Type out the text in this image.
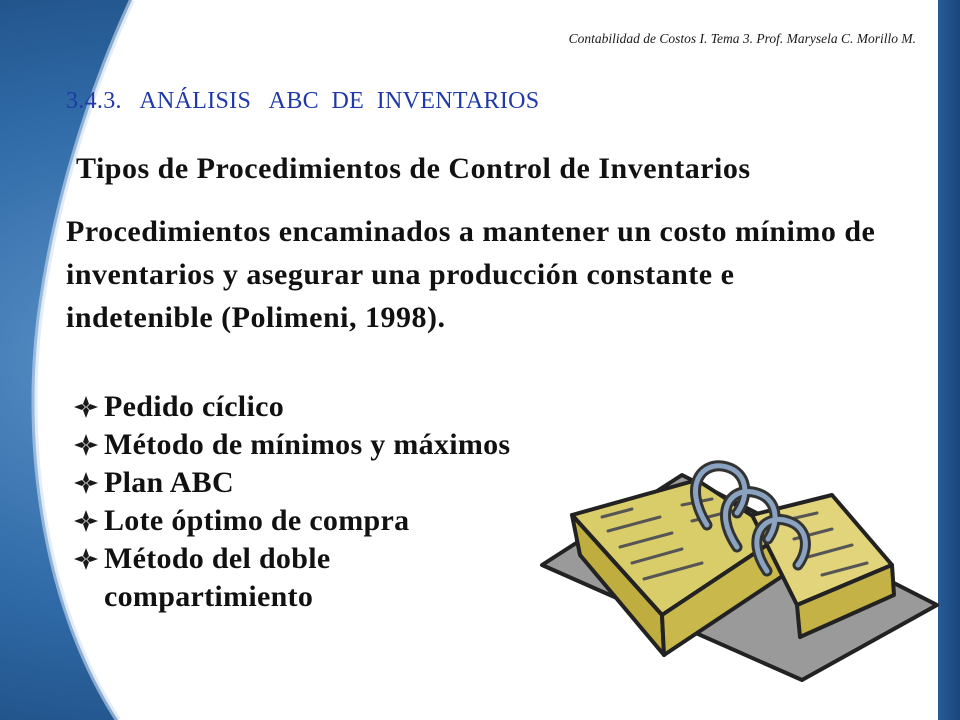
Contabilidad de Costos I. Tema 3. Prof. Marysela C. Morillo M.
3.4.3.   ANÁLISIS   ABC  DE  INVENTARIOS
Tipos de Procedimientos de Control de Inventarios
Procedimientos encaminados a mantener un costo mínimo de inventarios y asegurar una producción constante e indetenible (Polimeni, 1998).
Pedido cíclico
Método de mínimos y máximos
Plan ABC
Lote óptimo de compra
Método del doble compartimiento
